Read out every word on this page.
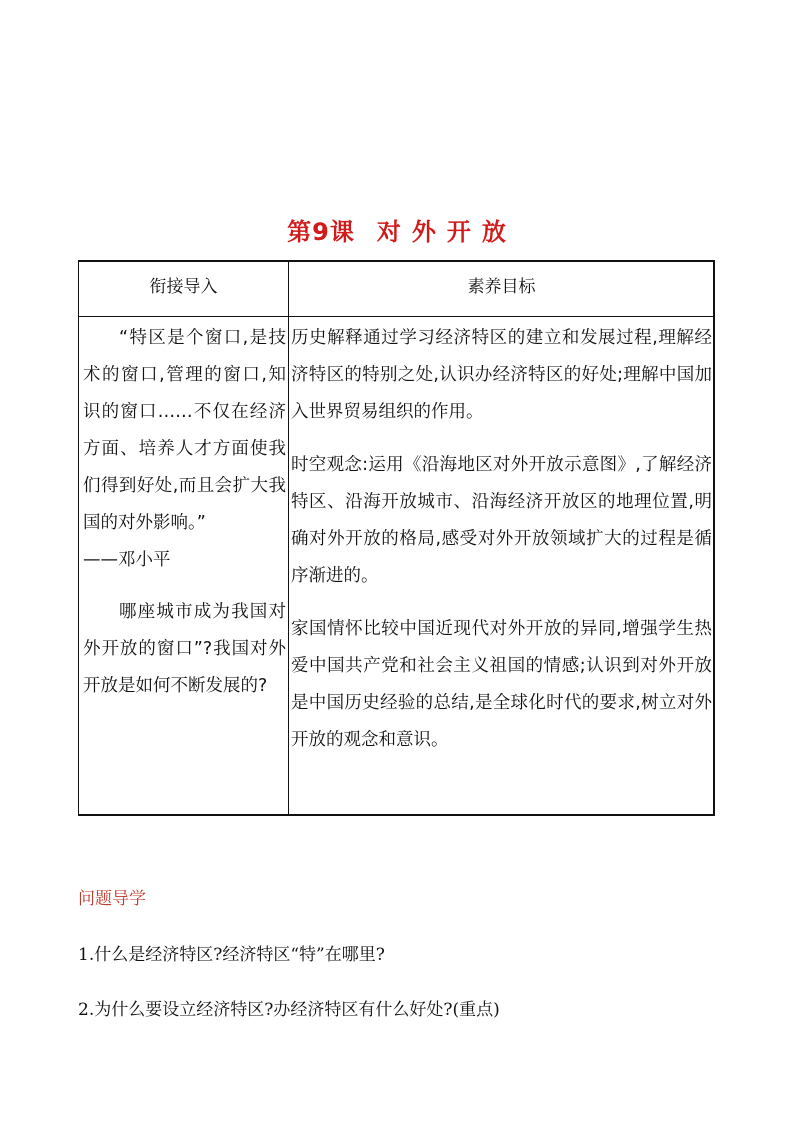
第9课 对 外 开 放
衔接导入	素养目标

“特区是个窗口,是技术的窗口,管理的窗口,知识的窗口……不仅在经济方面、培养人才方面使我们得到好处,而且会扩大我国的对外影响。”

——邓小平

哪座城市成为我国对外开放的窗口”?我国对外开放是如何不断发展的?

历史解释通过学习经济特区的建立和发展过程,理解经济特区的特别之处,认识办经济特区的好处;理解中国加入世界贸易组织的作用。

时空观念:运用《沿海地区对外开放示意图》,了解经济特区、沿海开放城市、沿海经济开放区的地理位置,明确对外开放的格局,感受对外开放领域扩大的过程是循序渐进的。

家国情怀比较中国近现代对外开放的异同,增强学生热爱中国共产党和社会主义祖国的情感;认识到对外开放是中国历史经验的总结,是全球化时代的要求,树立对外开放的观念和意识。

问题导学
1.什么是经济特区?经济特区“特”在哪里?
2.为什么要设立经济特区?办经济特区有什么好处?(重点)
